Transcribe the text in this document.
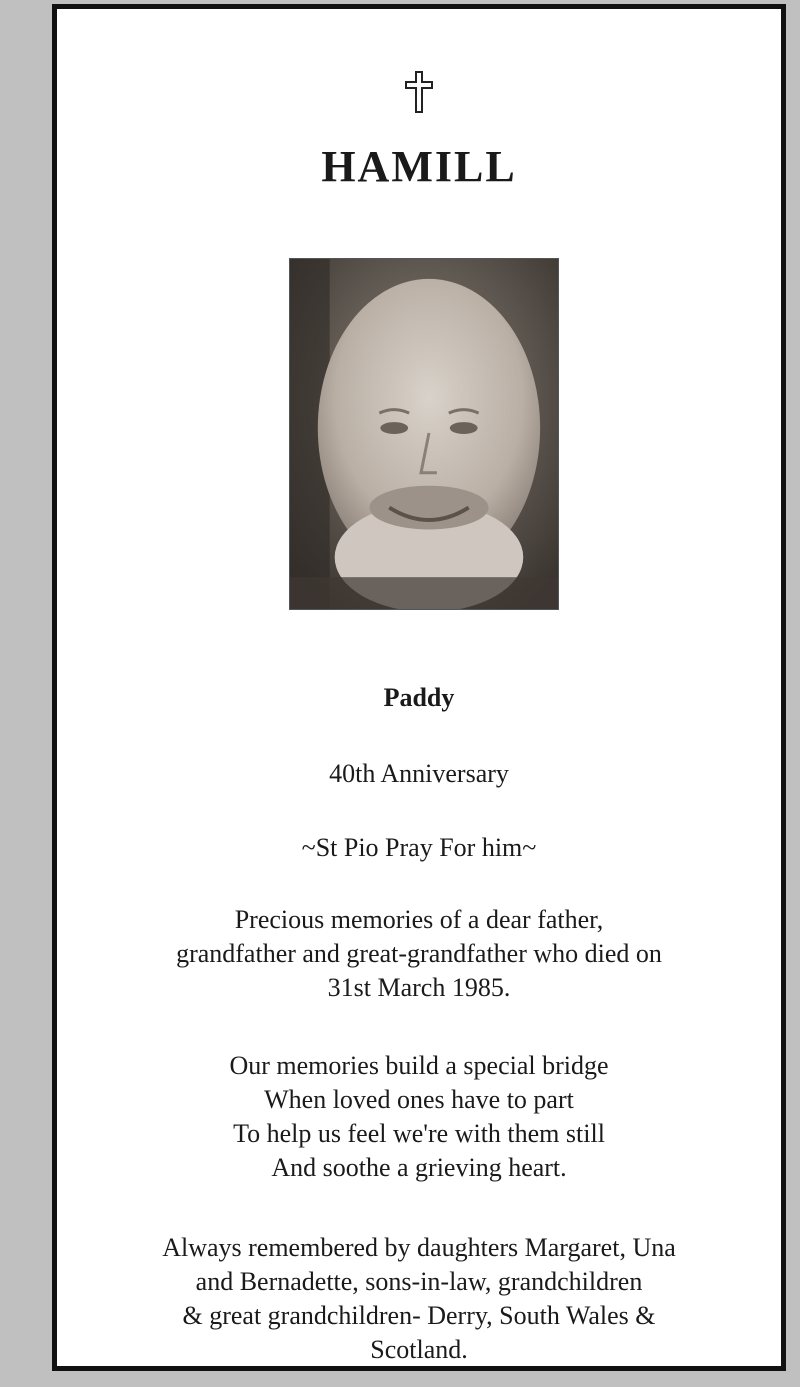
HAMILL
Paddy
40th Anniversary
~St Pio Pray For him~
Precious memories of a dear father,
grandfather and great-grandfather who died on
31st March 1985.
Our memories build a special bridge
When loved ones have to part
To help us feel we're with them still
And soothe a grieving heart.
Always remembered by daughters Margaret, Una
and Bernadette, sons-in-law, grandchildren
& great grandchildren- Derry, South Wales &
Scotland.
